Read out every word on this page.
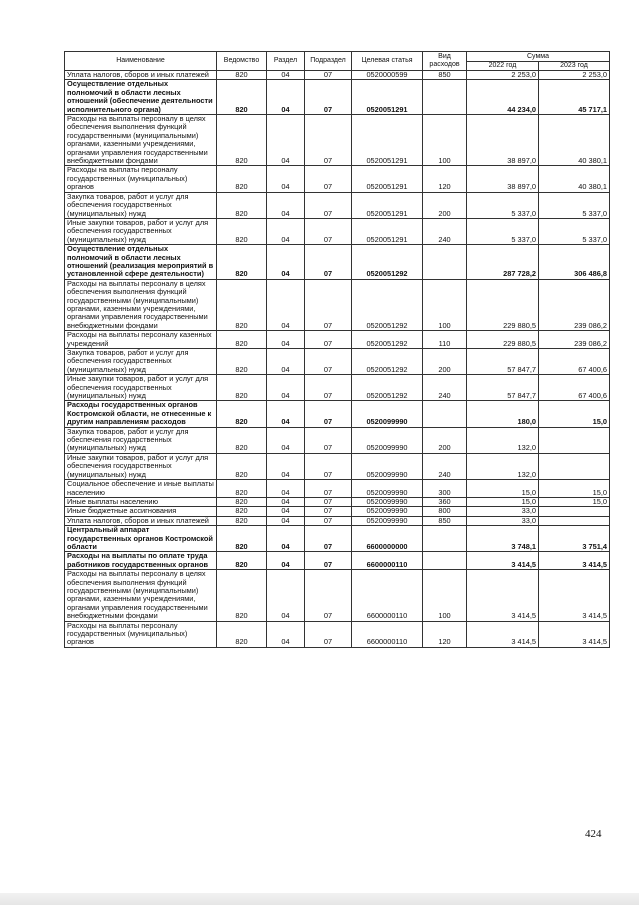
Наименование	Ведомство	Раздел	Подраздел	Целевая статья	Вид расходов	Сумма	
						2022 год	2023 год
Уплата налогов, сборов и иных платежей	820	04	07	0520000599	850	2 253,0	2 253,0
Осуществление отдельных полномочий в области лесных отношений (обеспечение деятельности исполнительного органа)	820	04	07	0520051291		44 234,0	45 717,1
Расходы на выплаты персоналу в целях обеспечения выполнения функций государственными (муниципальными) органами, казенными учреждениями, органами управления государственными внебюджетными фондами	820	04	07	0520051291	100	38 897,0	40 380,1
Расходы на выплаты персоналу государственных (муниципальных) органов	820	04	07	0520051291	120	38 897,0	40 380,1
Закупка товаров, работ и услуг для обеспечения государственных (муниципальных) нужд	820	04	07	0520051291	200	5 337,0	5 337,0
Иные закупки товаров, работ и услуг для обеспечения государственных (муниципальных) нужд	820	04	07	0520051291	240	5 337,0	5 337,0
Осуществление отдельных полномочий в области лесных отношений (реализация мероприятий в установленной сфере деятельности)	820	04	07	0520051292		287 728,2	306 486,8
Расходы на выплаты персоналу в целях обеспечения выполнения функций государственными (муниципальными) органами, казенными учреждениями, органами управления государственными внебюджетными фондами	820	04	07	0520051292	100	229 880,5	239 086,2
Расходы на выплаты персоналу казенных учреждений	820	04	07	0520051292	110	229 880,5	239 086,2
Закупка товаров, работ и услуг для обеспечения государственных (муниципальных) нужд	820	04	07	0520051292	200	57 847,7	67 400,6
Иные закупки товаров, работ и услуг для обеспечения государственных (муниципальных) нужд	820	04	07	0520051292	240	57 847,7	67 400,6
Расходы государственных органов Костромской области, не отнесенные к другим направлениям расходов	820	04	07	0520099990		180,0	15,0
Закупка товаров, работ и услуг для обеспечения государственных (муниципальных) нужд	820	04	07	0520099990	200	132,0	
Иные закупки товаров, работ и услуг для обеспечения государственных (муниципальных) нужд	820	04	07	0520099990	240	132,0	
Социальное обеспечение и иные выплаты населению	820	04	07	0520099990	300	15,0	15,0
Иные выплаты населению	820	04	07	0520099990	360	15,0	15,0
Иные бюджетные ассигнования	820	04	07	0520099990	800	33,0	
Уплата налогов, сборов и иных платежей	820	04	07	0520099990	850	33,0	
Центральный аппарат государственных органов Костромской области	820	04	07	6600000000		3 748,1	3 751,4
Расходы на выплаты по оплате труда работников государственных органов	820	04	07	6600000110		3 414,5	3 414,5
Расходы на выплаты персоналу в целях обеспечения выполнения функций государственными (муниципальными) органами, казенными учреждениями, органами управления государственными внебюджетными фондами	820	04	07	6600000110	100	3 414,5	3 414,5
Расходы на выплаты персоналу государственных (муниципальных) органов	820	04	07	6600000110	120	3 414,5	3 414,5
424
